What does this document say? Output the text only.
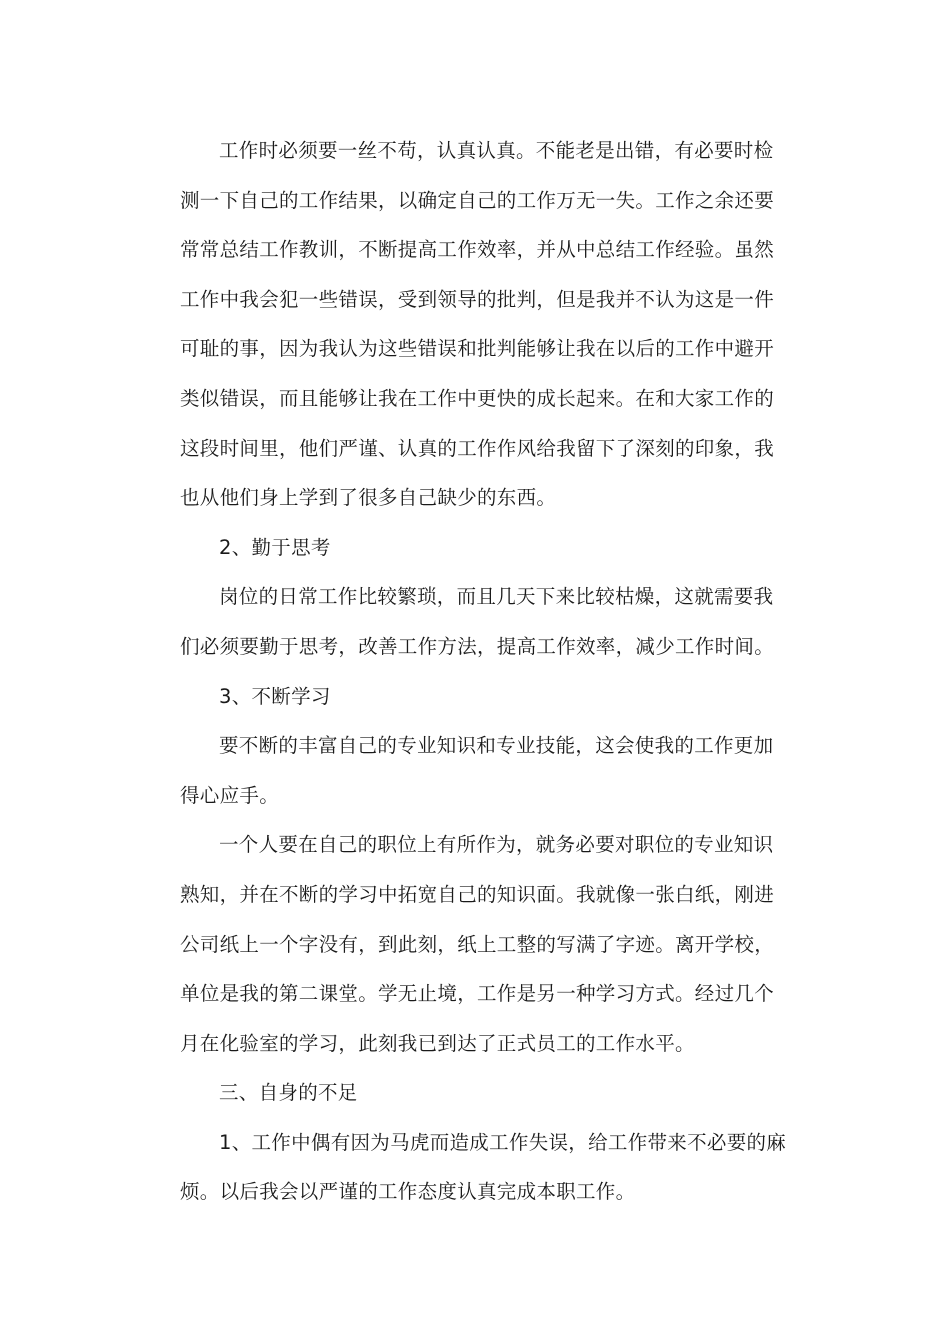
工作时必须要一丝不苟，认真认真。不能老是出错，有必要时检
测一下自己的工作结果，以确定自己的工作万无一失。工作之余还要
常常总结工作教训，不断提高工作效率，并从中总结工作经验。虽然
工作中我会犯一些错误，受到领导的批判，但是我并不认为这是一件
可耻的事，因为我认为这些错误和批判能够让我在以后的工作中避开
类似错误，而且能够让我在工作中更快的成长起来。在和大家工作的
这段时间里，他们严谨、认真的工作作风给我留下了深刻的印象，我
也从他们身上学到了很多自己缺少的东西。
2、勤于思考
岗位的日常工作比较繁琐，而且几天下来比较枯燥，这就需要我
们必须要勤于思考，改善工作方法，提高工作效率，减少工作时间。
3、不断学习
要不断的丰富自己的专业知识和专业技能，这会使我的工作更加
得心应手。
一个人要在自己的职位上有所作为，就务必要对职位的专业知识
熟知，并在不断的学习中拓宽自己的知识面。我就像一张白纸，刚进
公司纸上一个字没有，到此刻，纸上工整的写满了字迹。离开学校，
单位是我的第二课堂。学无止境，工作是另一种学习方式。经过几个
月在化验室的学习，此刻我已到达了正式员工的工作水平。
三、自身的不足
1、工作中偶有因为马虎而造成工作失误，给工作带来不必要的麻
烦。以后我会以严谨的工作态度认真完成本职工作。
